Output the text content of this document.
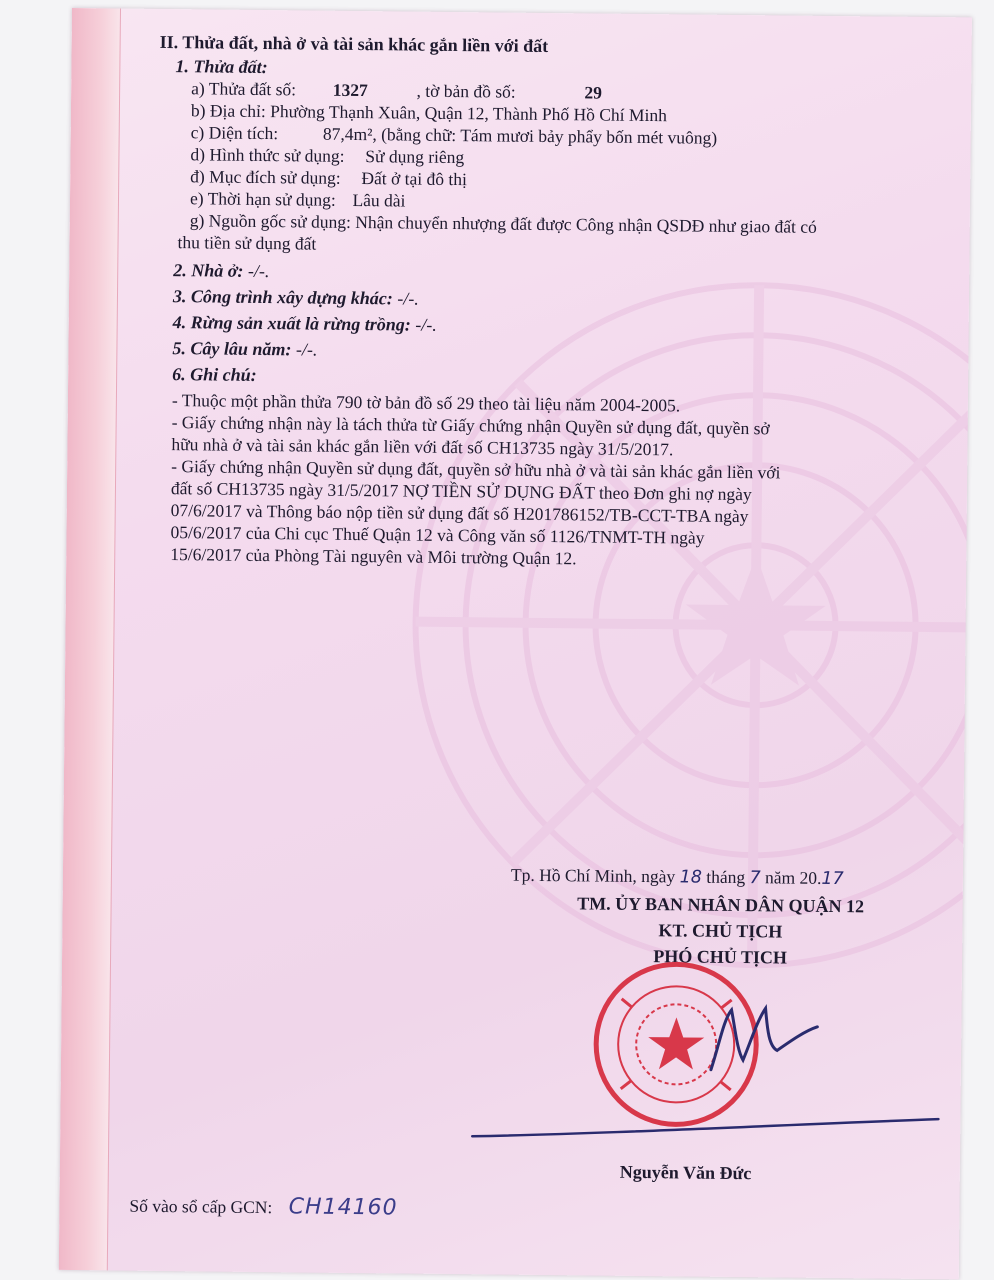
II. Thửa đất, nhà ở và tài sản khác gắn liền với đất
1. Thửa đất:
a) Thửa đất số: 1327	, tờ bản đồ số:	29
b) Địa chỉ: Phường Thạnh Xuân, Quận 12, Thành Phố Hồ Chí Minh
c) Diện tích:	87,4m², (bằng chữ: Tám mươi bảy phẩy bốn mét vuông)
d) Hình thức sử dụng: Sử dụng riêng
đ) Mục đích sử dụng: Đất ở tại đô thị
e) Thời hạn sử dụng: Lâu dài
g) Nguồn gốc sử dụng: Nhận chuyển nhượng đất được Công nhận QSDĐ như giao đất có
thu tiền sử dụng đất
2. Nhà ở: -/-.
3. Công trình xây dựng khác: -/-.
4. Rừng sản xuất là rừng trồng: -/-.
5. Cây lâu năm: -/-.
6. Ghi chú:

- Thuộc một phần thửa 790 tờ bản đồ số 29 theo tài liệu năm 2004-2005.

- Giấy chứng nhận này là tách thửa từ Giấy chứng nhận Quyền sử dụng đất, quyền sở

hữu nhà ở và tài sản khác gắn liền với đất số CH13735 ngày 31/5/2017.

- Giấy chứng nhận Quyền sử dụng đất, quyền sở hữu nhà ở và tài sản khác gắn liền với

đất số CH13735 ngày 31/5/2017 NỢ TIỀN SỬ DỤNG ĐẤT theo Đơn ghi nợ ngày

07/6/2017 và Thông báo nộp tiền sử dụng đất số H201786152/TB-CCT-TBA ngày

05/6/2017 của Chi cục Thuế Quận 12 và Công văn số 1126/TNMT-TH ngày

15/6/2017 của Phòng Tài nguyên và Môi trường Quận 12.

Tp. Hồ Chí Minh, ngày 18 tháng 7 năm 20.17
TM. ỦY BAN NHÂN DÂN QUẬN 12
KT. CHỦ TỊCH
PHÓ CHỦ TỊCH
Nguyễn Văn Đức
Số vào sổ cấp GCN: CH14160
